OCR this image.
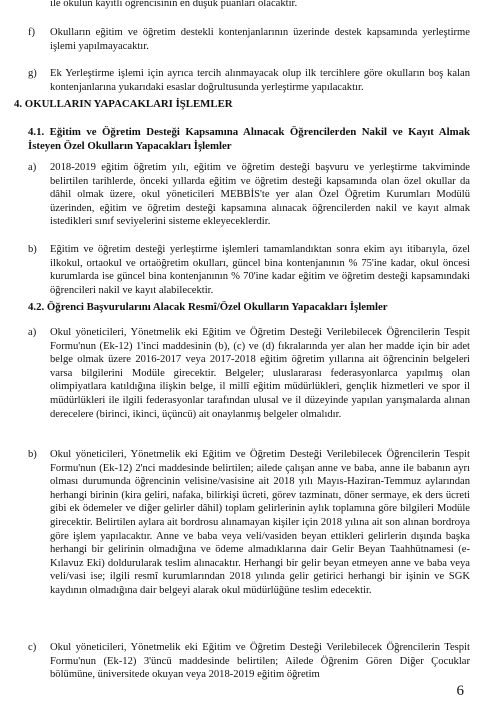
ile okulun kayıtlı öğrencisinin en düşük puanları olacaktır.
f)	Okulların eğitim ve öğretim destekli kontenjanlarının üzerinde destek kapsamında yerleştirme işlemi yapılmayacaktır.
g)	Ek Yerleştirme işlemi için ayrıca tercih alınmayacak olup ilk tercihlere göre okulların boş kalan kontenjanlarına yukarıdaki esaslar doğrultusunda yerleştirme yapılacaktır.
4. OKULLARIN YAPACAKLARI İŞLEMLER
4.1. Eğitim ve Öğretim Desteği Kapsamına Alınacak Öğrencilerden Nakil ve Kayıt Almak İsteyen Özel Okulların Yapacakları İşlemler
a)	2018-2019 eğitim öğretim yılı, eğitim ve öğretim desteği başvuru ve yerleştirme takviminde belirtilen tarihlerde, önceki yıllarda eğitim ve öğretim desteği kapsamında olan özel okullar da dâhil olmak üzere, okul yöneticileri MEBBİS'te yer alan Özel Öğretim Kurumları Modülü üzerinden, eğitim ve öğretim desteği kapsamına alınacak öğrencilerden nakil ve kayıt almak istedikleri sınıf seviyelerini sisteme ekleyeceklerdir.
b)	Eğitim ve öğretim desteği yerleştirme işlemleri tamamlandıktan sonra ekim ayı itibarıyla, özel ilkokul, ortaokul ve ortaöğretim okulları, güncel bina kontenjanının % 75'ine kadar, okul öncesi kurumlarda ise güncel bina kontenjanının % 70'ine kadar eğitim ve öğretim desteği kapsamındaki öğrencileri nakil ve kayıt alabilecektir.
4.2. Öğrenci Başvurularını Alacak Resmî/Özel Okulların Yapacakları İşlemler
a)	Okul yöneticileri, Yönetmelik eki Eğitim ve Öğretim Desteği Verilebilecek Öğrencilerin Tespit Formu'nun (Ek-12) 1'inci maddesinin (b), (c) ve (d) fıkralarında yer alan her madde için bir adet belge olmak üzere 2016-2017 veya 2017-2018 eğitim öğretim yıllarına ait öğrencinin belgeleri varsa bilgilerini Modüle girecektir. Belgeler; uluslararası federasyonlarca yapılmış olan olimpiyatlara katıldığına ilişkin belge, il millî eğitim müdürlükleri, gençlik hizmetleri ve spor il müdürlükleri ile ilgili federasyonlar tarafından ulusal ve il düzeyinde yapılan yarışmalarda alınan derecelere (birinci, ikinci, üçüncü) ait onaylanmış belgeler olmalıdır.
b)	Okul yöneticileri, Yönetmelik eki Eğitim ve Öğretim Desteği Verilebilecek Öğrencilerin Tespit Formu'nun (Ek-12) 2'nci maddesinde belirtilen; ailede çalışan anne ve baba, anne ile babanın ayrı olması durumunda öğrencinin velisine/vasisine ait 2018 yılı Mayıs-Haziran-Temmuz aylarından herhangi birinin (kira geliri, nafaka, bilirkişi ücreti, görev tazminatı, döner sermaye, ek ders ücreti gibi ek ödemeler ve diğer gelirler dâhil) toplam gelirlerinin aylık toplamına göre bilgileri Modüle girecektir. Belirtilen aylara ait bordrosu alınamayan kişiler için 2018 yılına ait son alınan bordroya göre işlem yapılacaktır. Anne ve baba veya veli/vasiden beyan ettikleri gelirlerin dışında başka herhangi bir gelirinin olmadığına ve ödeme almadıklarına dair Gelir Beyan Taahhütnamesi (e-Kılavuz Eki) doldurularak teslim alınacaktır. Herhangi bir gelir beyan etmeyen anne ve baba veya veli/vasi ise; ilgili resmî kurumlarından 2018 yılında gelir getirici herhangi bir işinin ve SGK kaydının olmadığına dair belgeyi alarak okul müdürlüğüne teslim edecektir.
c)	Okul yöneticileri, Yönetmelik eki Eğitim ve Öğretim Desteği Verilebilecek Öğrencilerin Tespit Formu'nun (Ek-12) 3'üncü maddesinde belirtilen; Ailede Öğrenim Gören Diğer Çocuklar bölümüne, üniversitede okuyan veya 2018-2019 eğitim öğretim
6
